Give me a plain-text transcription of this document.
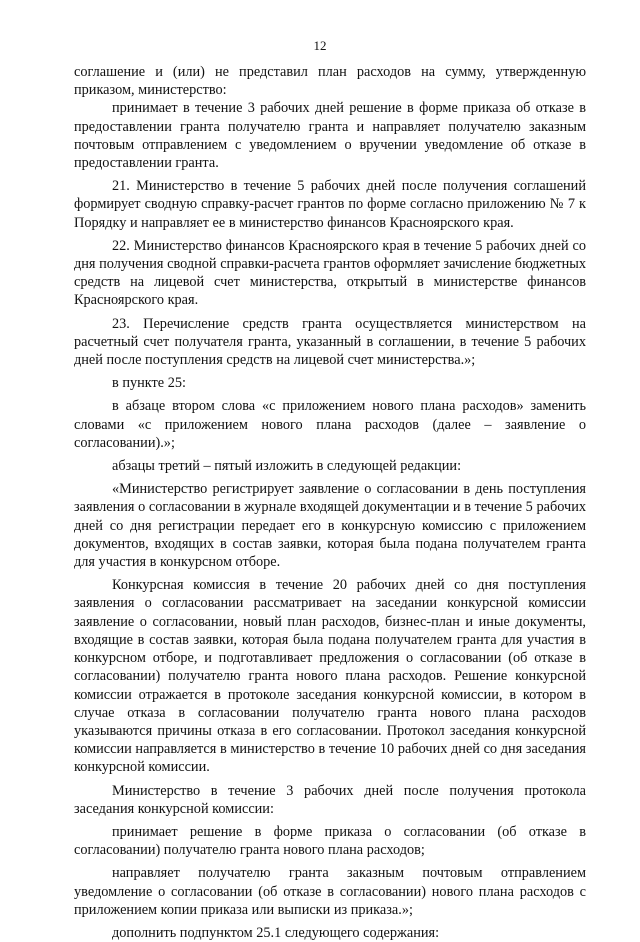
12

соглашение и (или) не представил план расходов на сумму, утвержденную приказом, министерство:

принимает в течение 3 рабочих дней решение в форме приказа об отказе в предоставлении гранта получателю гранта и направляет получателю заказным почтовым отправлением с уведомлением о вручении уведомление об отказе в предоставлении гранта.

21. Министерство в течение 5 рабочих дней после получения соглашений формирует сводную справку-расчет грантов по форме согласно приложению № 7 к Порядку и направляет ее в министерство финансов Красноярского края.

22. Министерство финансов Красноярского края в течение 5 рабочих дней со дня получения сводной справки-расчета грантов оформляет зачисление бюджетных средств на лицевой счет министерства, открытый в министерстве финансов Красноярского края.

23. Перечисление средств гранта осуществляется министерством на расчетный счет получателя гранта, указанный в соглашении, в течение 5 рабочих дней после поступления средств на лицевой счет министерства.»;

в пункте 25:

в абзаце втором слова «с приложением нового плана расходов» заменить словами «с приложением нового плана расходов (далее – заявление о согласовании).»;

абзацы третий – пятый изложить в следующей редакции:

«Министерство регистрирует заявление о согласовании в день поступления заявления о согласовании в журнале входящей документации и в течение 5 рабочих дней со дня регистрации передает его в конкурсную комиссию с приложением документов, входящих в состав заявки, которая была подана получателем гранта для участия в конкурсном отборе.

Конкурсная комиссия в течение 20 рабочих дней со дня поступления заявления о согласовании рассматривает на заседании конкурсной комиссии заявление о согласовании, новый план расходов, бизнес-план и иные документы, входящие в состав заявки, которая была подана получателем гранта для участия в конкурсном отборе, и подготавливает предложения о согласовании (об отказе в согласовании) получателю гранта нового плана расходов. Решение конкурсной комиссии отражается в протоколе заседания конкурсной комиссии, в котором в случае отказа в согласовании получателю гранта нового плана расходов указываются причины отказа в его согласовании. Протокол заседания конкурсной комиссии направляется в министерство в течение 10 рабочих дней со дня заседания конкурсной комиссии.

Министерство в течение 3 рабочих дней после получения протокола заседания конкурсной комиссии:

принимает решение в форме приказа о согласовании (об отказе в согласовании) получателю гранта нового плана расходов;

направляет получателю гранта заказным почтовым отправлением уведомление о согласовании (об отказе в согласовании) нового плана расходов с приложением копии приказа или выписки из приказа.»;

дополнить подпунктом 25.1 следующего содержания:
